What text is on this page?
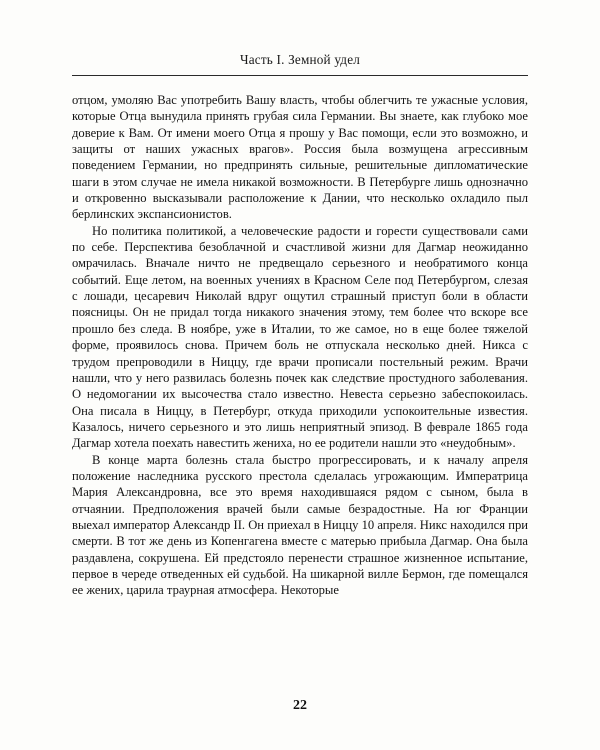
Часть I. Земной удел

отцом, умоляю Вас употребить Вашу власть, чтобы облегчить те ужасные условия, которые Отца вынудила принять грубая сила Германии. Вы знаете, как глубоко мое доверие к Вам. От имени моего Отца я прошу у Вас помощи, если это возможно, и защиты от наших ужасных врагов». Россия была возмущена агрессивным поведением Германии, но предпринять сильные, решительные дипломатические шаги в этом случае не имела никакой возможности. В Петербурге лишь однозначно и откровенно высказывали расположение к Дании, что несколько охладило пыл берлинских экспансионистов.

Но политика политикой, а человеческие радости и горести существовали сами по себе. Перспектива безоблачной и счастливой жизни для Дагмар неожиданно омрачилась. Вначале ничто не предвещало серьезного и необратимого конца событий. Еще летом, на военных учениях в Красном Селе под Петербургом, слезая с лошади, цесаревич Николай вдруг ощутил страшный приступ боли в области поясницы. Он не придал тогда никакого значения этому, тем более что вскоре все прошло без следа. В ноябре, уже в Италии, то же самое, но в еще более тяжелой форме, проявилось снова. Причем боль не отпускала несколько дней. Никса с трудом препроводили в Ниццу, где врачи прописали постельный режим. Врачи нашли, что у него развилась болезнь почек как следствие простудного заболевания. О недомогании их высочества стало известно. Невеста серьезно забеспокоилась. Она писала в Ниццу, в Петербург, откуда приходили успокоительные известия. Казалось, ничего серьезного и это лишь неприятный эпизод. В феврале 1865 года Дагмар хотела поехать навестить жениха, но ее родители нашли это «неудобным».

В конце марта болезнь стала быстро прогрессировать, и к началу апреля положение наследника русского престола сделалась угрожающим. Императрица Мария Александровна, все это время находившаяся рядом с сыном, была в отчаянии. Предположения врачей были самые безрадостные. На юг Франции выехал император Александр II. Он приехал в Ниццу 10 апреля. Никс находился при смерти. В тот же день из Копенгагена вместе с матерью прибыла Дагмар. Она была раздавлена, сокрушена. Ей предстояло перенести страшное жизненное испытание, первое в череде отведенных ей судьбой. На шикарной вилле Бермон, где помещался ее жених, царила траурная атмосфера. Некоторые

22
